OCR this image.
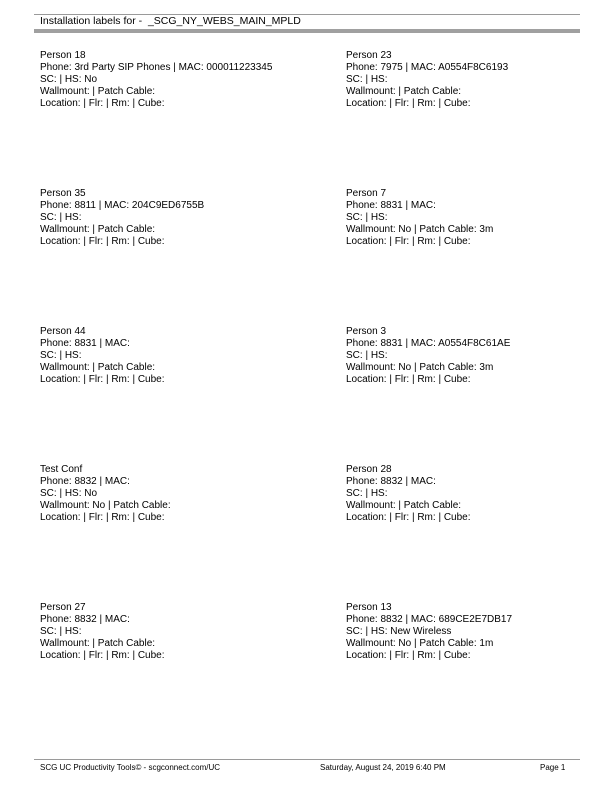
Installation labels for -  _SCG_NY_WEBS_MAIN_MPLD
Person 18
Phone: 3rd Party SIP Phones | MAC: 000011223345
SC: | HS: No
Wallmount: | Patch Cable:
Location: | Flr: | Rm: | Cube:
Person 23
Phone: 7975 | MAC: A0554F8C6193
SC: | HS:
Wallmount: | Patch Cable:
Location: | Flr: | Rm: | Cube:
Person 35
Phone: 8811 | MAC: 204C9ED6755B
SC: | HS:
Wallmount: | Patch Cable:
Location: | Flr: | Rm: | Cube:
Person 7
Phone: 8831 | MAC:
SC: | HS:
Wallmount: No | Patch Cable: 3m
Location: | Flr: | Rm: | Cube:
Person 44
Phone: 8831 | MAC:
SC: | HS:
Wallmount: | Patch Cable:
Location: | Flr: | Rm: | Cube:
Person 3
Phone: 8831 | MAC: A0554F8C61AE
SC: | HS:
Wallmount: No | Patch Cable: 3m
Location: | Flr: | Rm: | Cube:
Test Conf
Phone: 8832 | MAC:
SC: | HS: No
Wallmount: No | Patch Cable:
Location: | Flr: | Rm: | Cube:
Person 28
Phone: 8832 | MAC:
SC: | HS:
Wallmount: | Patch Cable:
Location: | Flr: | Rm: | Cube:
Person 27
Phone: 8832 | MAC:
SC: | HS:
Wallmount: | Patch Cable:
Location: | Flr: | Rm: | Cube:
Person 13
Phone: 8832 | MAC: 689CE2E7DB17
SC: | HS: New Wireless
Wallmount: No | Patch Cable: 1m
Location: | Flr: | Rm: | Cube:
SCG UC Productivity Tools© - scgconnect.com/UC	Saturday, August 24, 2019 6:40 PM	Page 1
